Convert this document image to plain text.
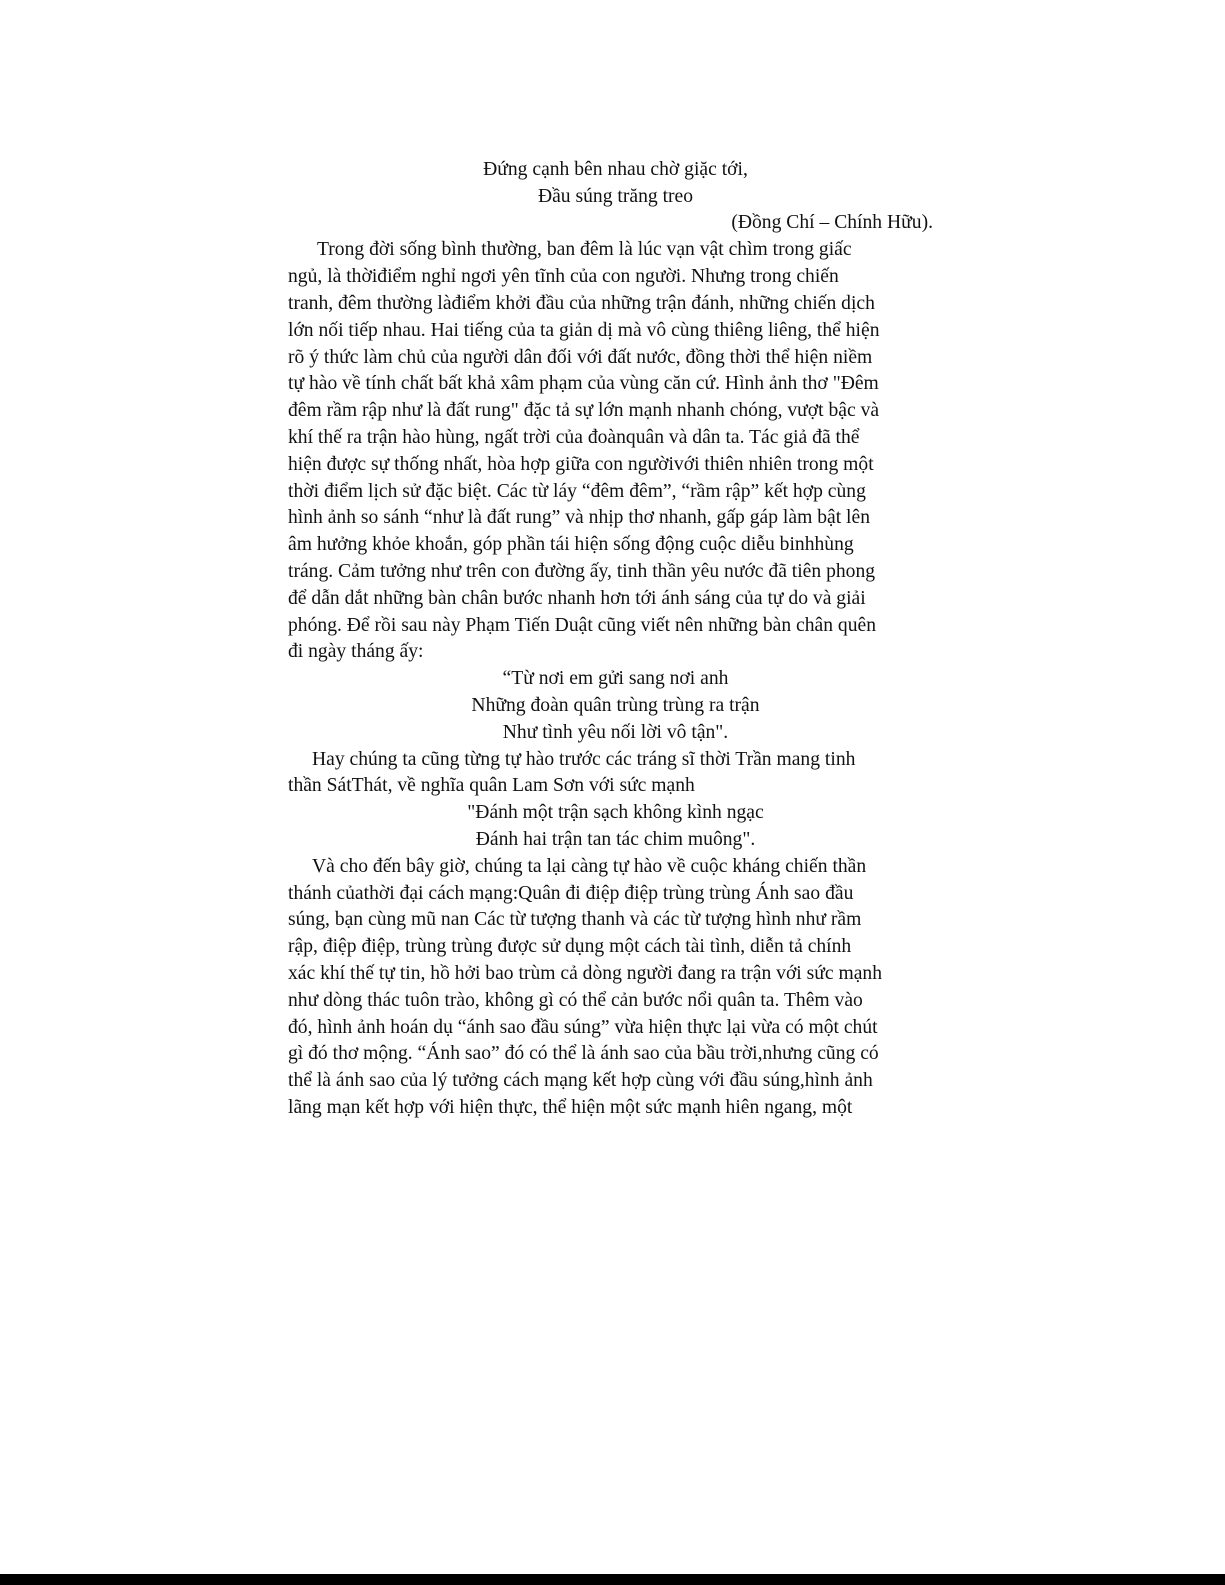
Đứng cạnh bên nhau chờ giặc tới,
Đầu súng trăng treo
(Đồng Chí – Chính Hữu).
Trong đời sống bình thường, ban đêm là lúc vạn vật chìm trong giấc
ngủ, là thờiđiểm nghỉ ngơi yên tĩnh của con người. Nhưng trong chiến
tranh, đêm thường làđiểm khởi đầu của những trận đánh, những chiến dịch
lớn nối tiếp nhau. Hai tiếng của ta giản dị mà vô cùng thiêng liêng, thể hiện
rõ ý thức làm chủ của người dân đối với đất nước, đồng thời thể hiện niềm
tự hào về tính chất bất khả xâm phạm của vùng căn cứ. Hình ảnh thơ "Đêm
đêm rầm rập như là đất rung" đặc tả sự lớn mạnh nhanh chóng, vượt bậc và
khí thế ra trận hào hùng, ngất trời của đoànquân và dân ta. Tác giả đã thể
hiện được sự thống nhất, hòa hợp giữa con ngườivới thiên nhiên trong một
thời điểm lịch sử đặc biệt. Các từ láy “đêm đêm”, “rầm rập” kết hợp cùng
hình ảnh so sánh “như là đất rung” và nhịp thơ nhanh, gấp gáp làm bật lên
âm hưởng khỏe khoắn, góp phần tái hiện sống động cuộc diễu binhhùng
tráng. Cảm tưởng như trên con đường ấy, tinh thần yêu nước đã tiên phong
để dẫn dắt những bàn chân bước nhanh hơn tới ánh sáng của tự do và giải
phóng. Để rồi sau này Phạm Tiến Duật cũng viết nên những bàn chân quên
đi ngày tháng ấy:
“Từ nơi em gửi sang nơi anh
Những đoàn quân trùng trùng ra trận
Như tình yêu nối lời vô tận".
Hay chúng ta cũng từng tự hào trước các tráng sĩ thời Trần mang tinh
thần SátThát, về nghĩa quân Lam Sơn với sức mạnh
"Đánh một trận sạch không kình ngạc
Đánh hai trận tan tác chim muông".
Và cho đến bây giờ, chúng ta lại càng tự hào về cuộc kháng chiến thần
thánh củathời đại cách mạng:Quân đi điệp điệp trùng trùng Ánh sao đầu
súng, bạn cùng mũ nan Các từ tượng thanh và các từ tượng hình như rầm
rập, điệp điệp, trùng trùng được sử dụng một cách tài tình, diễn tả chính
xác khí thế tự tin, hồ hởi bao trùm cả dòng người đang ra trận với sức mạnh
như dòng thác tuôn trào, không gì có thể cản bước nổi quân ta. Thêm vào
đó, hình ảnh hoán dụ “ánh sao đầu súng” vừa hiện thực lại vừa có một chút
gì đó thơ mộng. “Ánh sao” đó có thể là ánh sao của bầu trời,nhưng cũng có
thể là ánh sao của lý tưởng cách mạng kết hợp cùng với đầu súng,hình ảnh
lãng mạn kết hợp với hiện thực, thể hiện một sức mạnh hiên ngang, một
